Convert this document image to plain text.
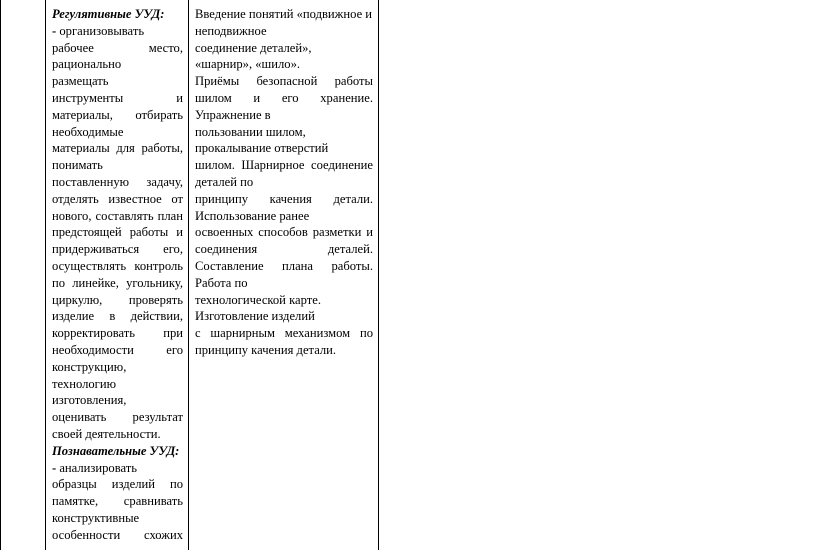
Регулятивные УУД:
- организовывать
рабочее место,
рационально
размещать
инструменты и
материалы, отбирать
необходимые
материалы для работы,
понимать
поставленную задачу,
отделять известное от
нового, составлять план
предстоящей работы и
придерживаться его,
осуществлять контроль
по линейке, угольнику,
циркулю, проверять
изделие в действии,
корректировать при
необходимости его
конструкцию,
технологию
изготовления,
оценивать результат
своей деятельности.
Познавательные УУД:
- анализировать
образцы изделий по
памятке, сравнивать
конструктивные
особенности схожих
Введение понятий «подвижное и
неподвижное
соединение деталей»,
«шарнир», «шило».
Приёмы безопасной работы
шилом и его хранение.
Упражнение в
пользовании шилом,
прокалывание отверстий
шилом. Шарнирное соединение
деталей по
принципу качения детали.
Использование ранее
освоенных способов разметки и
соединения деталей.
Составление плана работы.
Работа по
технологической карте.
Изготовление изделий
с шарнирным механизмом по
принципу качения детали.
